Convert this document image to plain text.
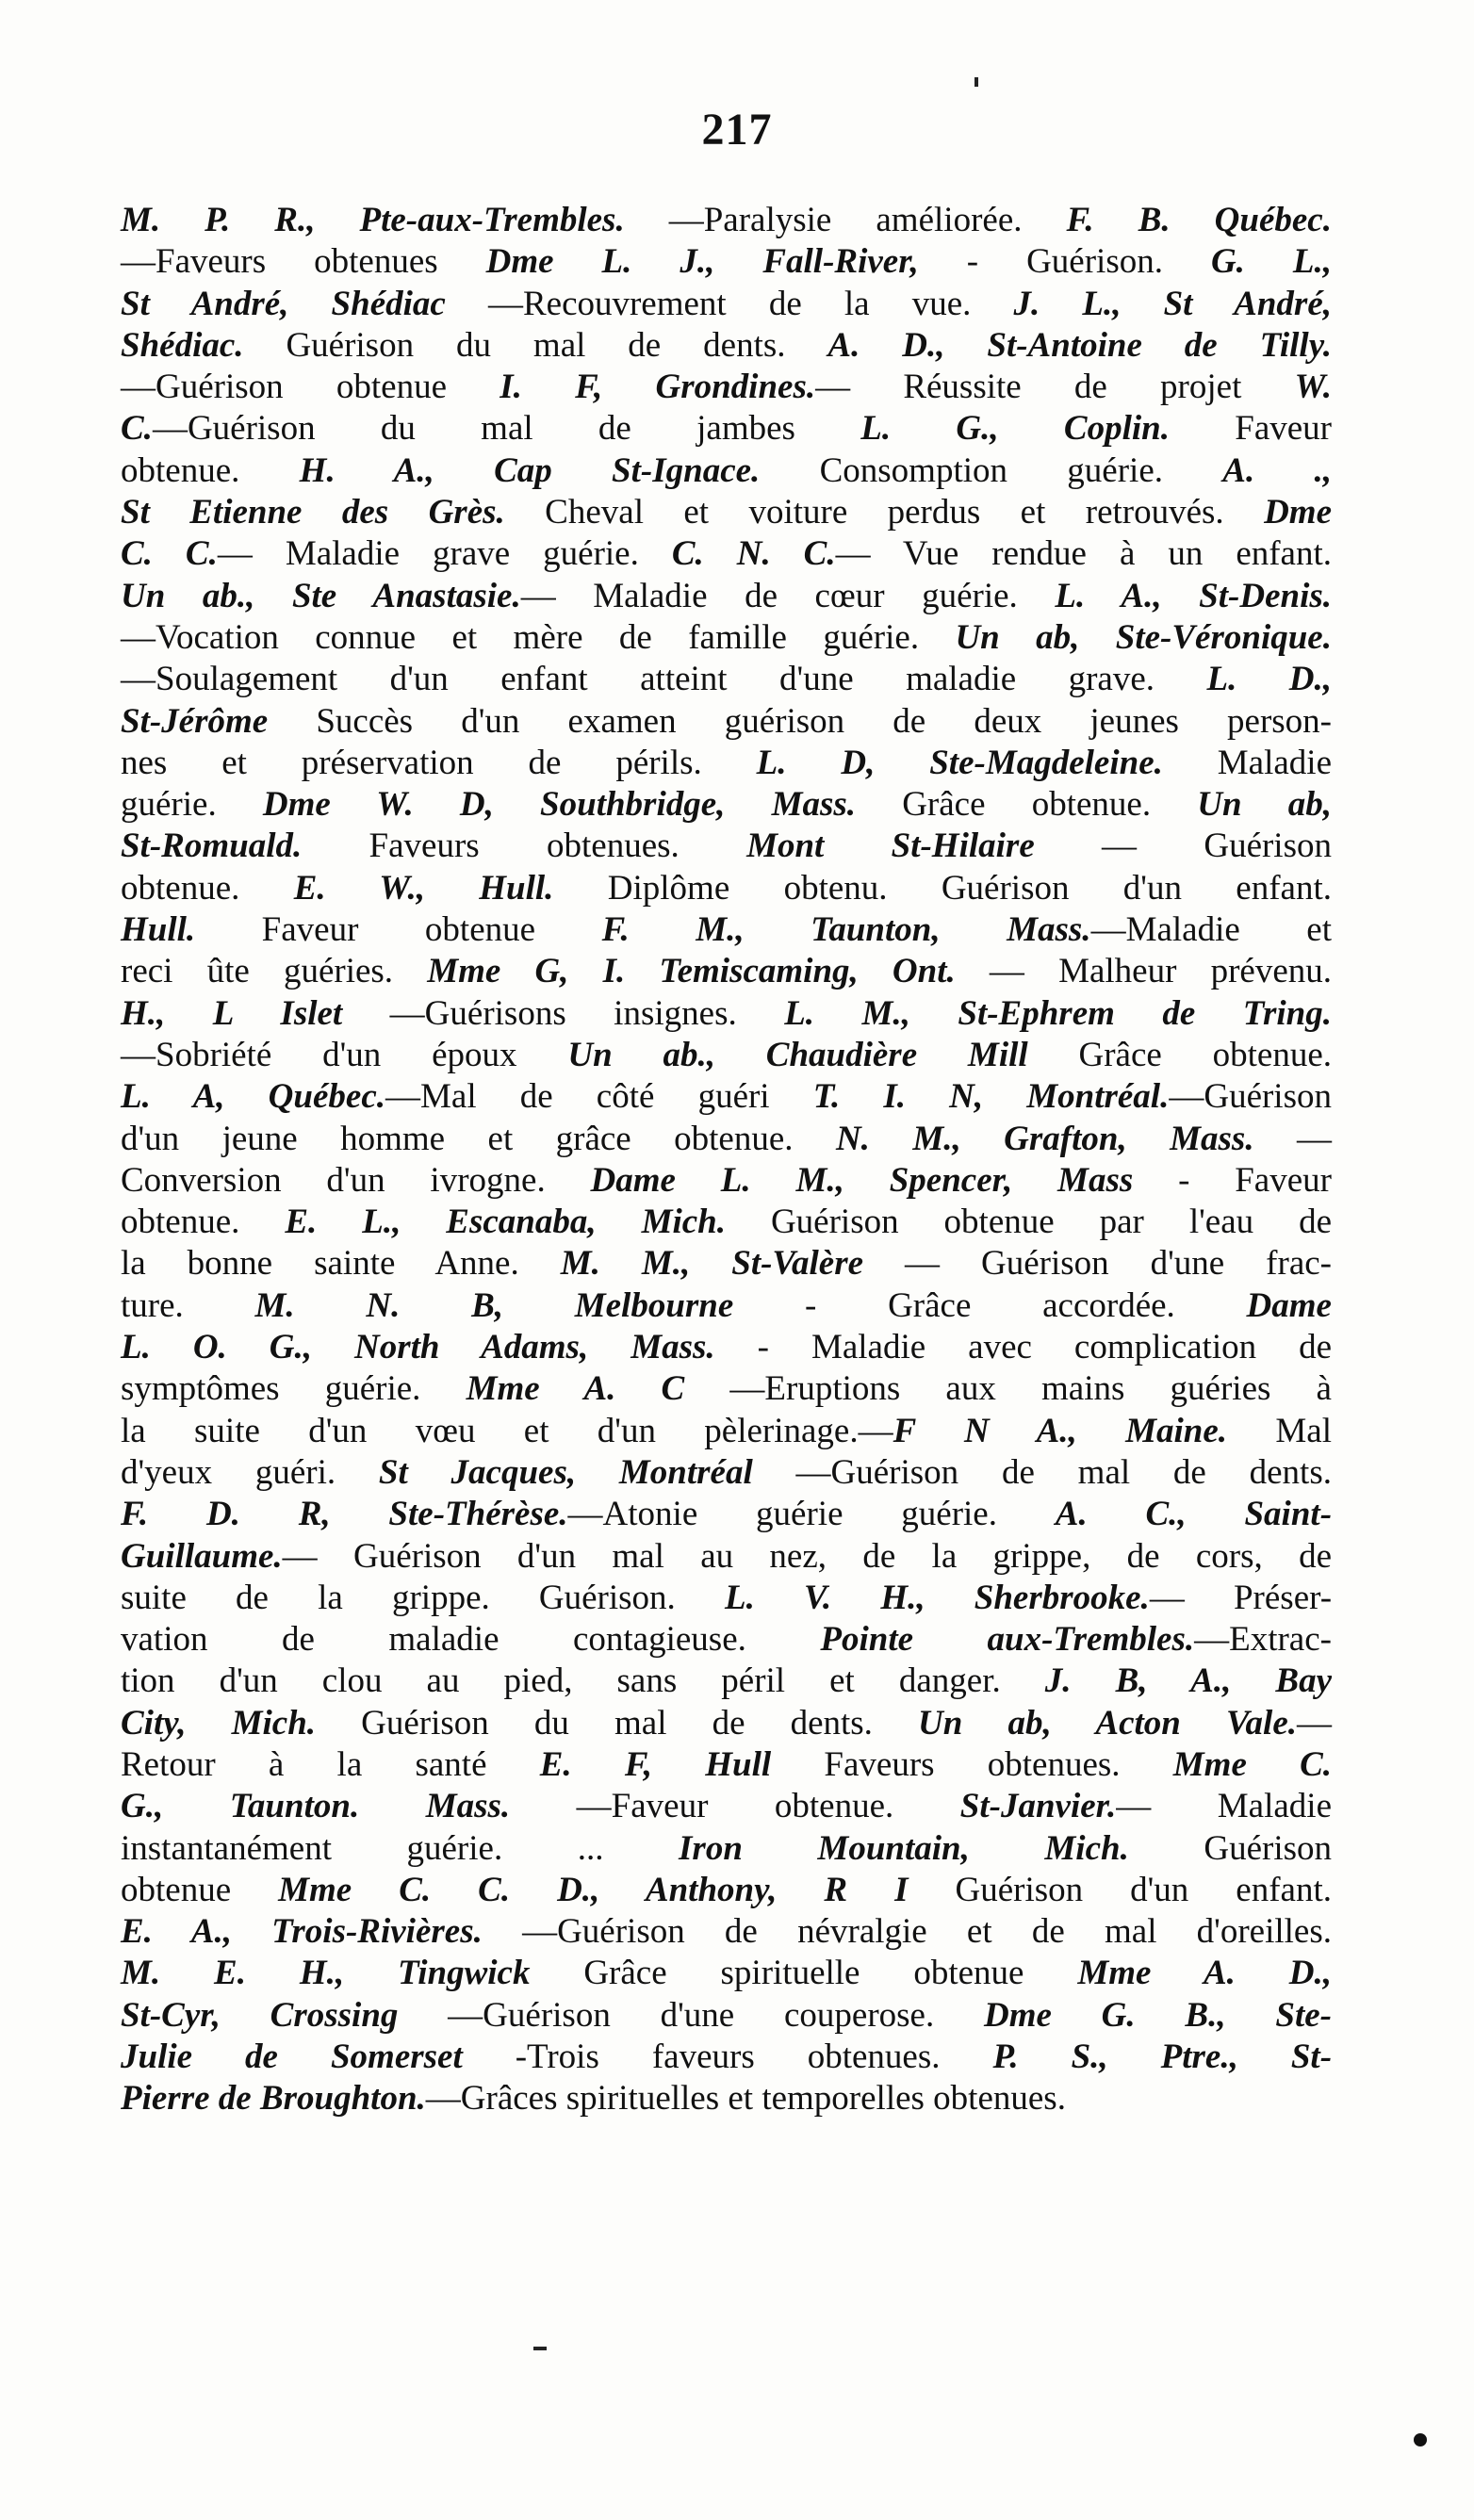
217
M. P. R., Pte-aux-Trembles. —Paralysie améliorée. F. B. Québec.
—Faveurs obtenues Dme L. J., Fall-River, - Guérison. G. L.,
St André, Shédiac —Recouvrement de la vue. J. L., St André,
Shédiac. Guérison du mal de dents. A. D., St-Antoine de Tilly.
—Guérison obtenue I. F, Grondines.— Réussite de projet W.
C.—Guérison du mal de jambes L. G., Coplin. Faveur
obtenue. H. A., Cap St-Ignace. Consomption guérie. A. .,
St Etienne des Grès. Cheval et voiture perdus et retrouvés. Dme
C. C.— Maladie grave guérie. C. N. C.— Vue rendue à un enfant.
Un ab., Ste Anastasie.— Maladie de cœur guérie. L. A., St-Denis.
—Vocation connue et mère de famille guérie. Un ab, Ste-Véronique.
—Soulagement d'un enfant atteint d'une maladie grave. L. D.,
St-Jérôme Succès d'un examen guérison de deux jeunes person-
nes et préservation de périls. L. D, Ste-Magdeleine. Maladie
guérie. Dme W. D, Southbridge, Mass. Grâce obtenue. Un ab,
St-Romuald. Faveurs obtenues. Mont St-Hilaire — Guérison
obtenue. E. W., Hull. Diplôme obtenu. Guérison d'un enfant.
Hull. Faveur obtenue F. M., Taunton, Mass.—Maladie et
reci ûte guéries. Mme G, I. Temiscaming, Ont. — Malheur prévenu.
H., L Islet —Guérisons insignes. L. M., St-Ephrem de Tring.
—Sobriété d'un époux Un ab., Chaudière Mill Grâce obtenue.
L. A, Québec.—Mal de côté guéri T. I. N, Montréal.—Guérison
d'un jeune homme et grâce obtenue. N. M., Grafton, Mass. —
Conversion d'un ivrogne. Dame L. M., Spencer, Mass - Faveur
obtenue. E. L., Escanaba, Mich. Guérison obtenue par l'eau de
la bonne sainte Anne. M. M., St-Valère — Guérison d'une frac-
ture. M. N. B, Melbourne - Grâce accordée. Dame
L. O. G., North Adams, Mass. - Maladie avec complication de
symptômes guérie. Mme A. C —Eruptions aux mains guéries à
la suite d'un vœu et d'un pèlerinage.—F N A., Maine. Mal
d'yeux guéri. St Jacques, Montréal —Guérison de mal de dents.
F. D. R, Ste-Thérèse.—Atonie guérie guérie. A. C., Saint-
Guillaume.— Guérison d'un mal au nez, de la grippe, de cors, de
suite de la grippe. Guérison. L. V. H., Sherbrooke.— Préser-
vation de maladie contagieuse. Pointe aux-Trembles.—Extrac-
tion d'un clou au pied, sans péril et danger. J. B, A., Bay
City, Mich. Guérison du mal de dents. Un ab, Acton Vale.—
Retour à la santé E. F, Hull Faveurs obtenues. Mme C.
G., Taunton. Mass. —Faveur obtenue. St-Janvier.— Maladie
instantanément guérie. ... Iron Mountain, Mich. Guérison
obtenue Mme C. C. D., Anthony, R I Guérison d'un enfant.
E. A., Trois-Rivières. —Guérison de névralgie et de mal d'oreilles.
M. E. H., Tingwick Grâce spirituelle obtenue Mme A. D.,
St-Cyr, Crossing —Guérison d'une couperose. Dme G. B., Ste-
Julie de Somerset -Trois faveurs obtenues. P. S., Ptre., St-
Pierre de Broughton.—Grâces spirituelles et temporelles obtenues.
